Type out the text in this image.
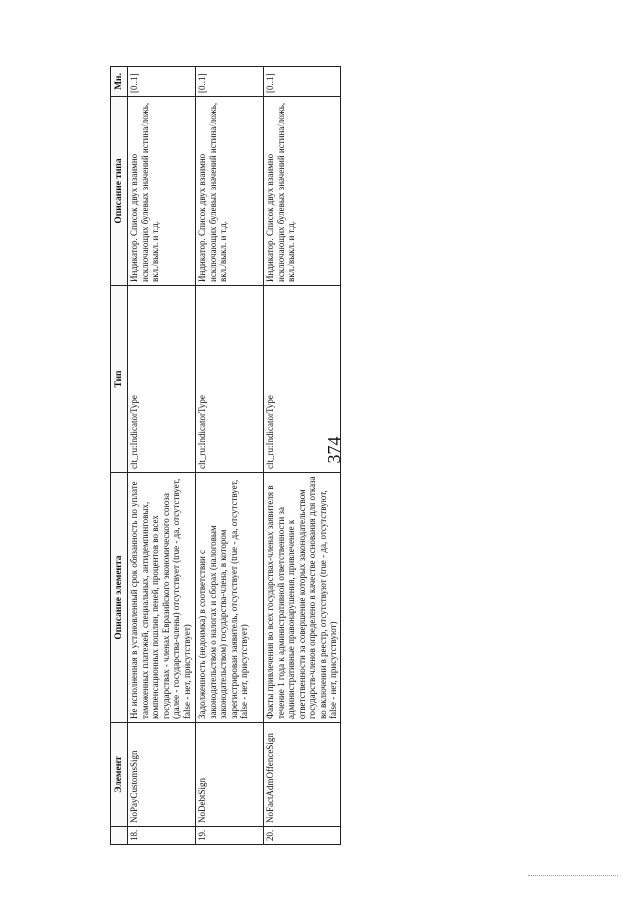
374
	Элемент	Описание элемента	Тип	Описание типа	Мн.
18.	NoPayCustomsSign	Не исполненная в установленный срок обязанность по уплате таможенных платежей, специальных, антидемпинговых, компенсационных пошлин, пеней, процентов во всех государствах - членах Евразийского экономического союза (далее - государства-члены) отсутствует (true - да, отсутствует, false - нет, присутствует)	clt_ru:IndicatorType	Индикатор. Список двух взаимно исключающих булевых значений истина/ложь, вкл./выкл. и т.д.	[0..1]
19.	NoDebtSign	Задолженность (недоимка) в соответствии с законодательством о налогах и сборах (налоговым законодательством) государства-члена, в котором зарегистрирован заявитель, отсутствует (true - да, отсутствует, false - нет, присутствует)	clt_ru:IndicatorType	Индикатор. Список двух взаимно исключающих булевых значений истина/ложь, вкл./выкл. и т.д.	[0..1]
20.	NoFactAdmOffenceSign	Факты привлечения во всех государствах-членах заявителя в течение 1 года к административной ответственности за административные правонарушения, привлечение к ответственности за совершение которых законодательством государств-членов определено в качестве основания для отказа во включении в реестр, отсутствуют (true - да, отсутствуют, false - нет, присутствуют)	clt_ru:IndicatorType	Индикатор. Список двух взаимно исключающих булевых значений истина/ложь, вкл./выкл. и т.д.	[0..1]
